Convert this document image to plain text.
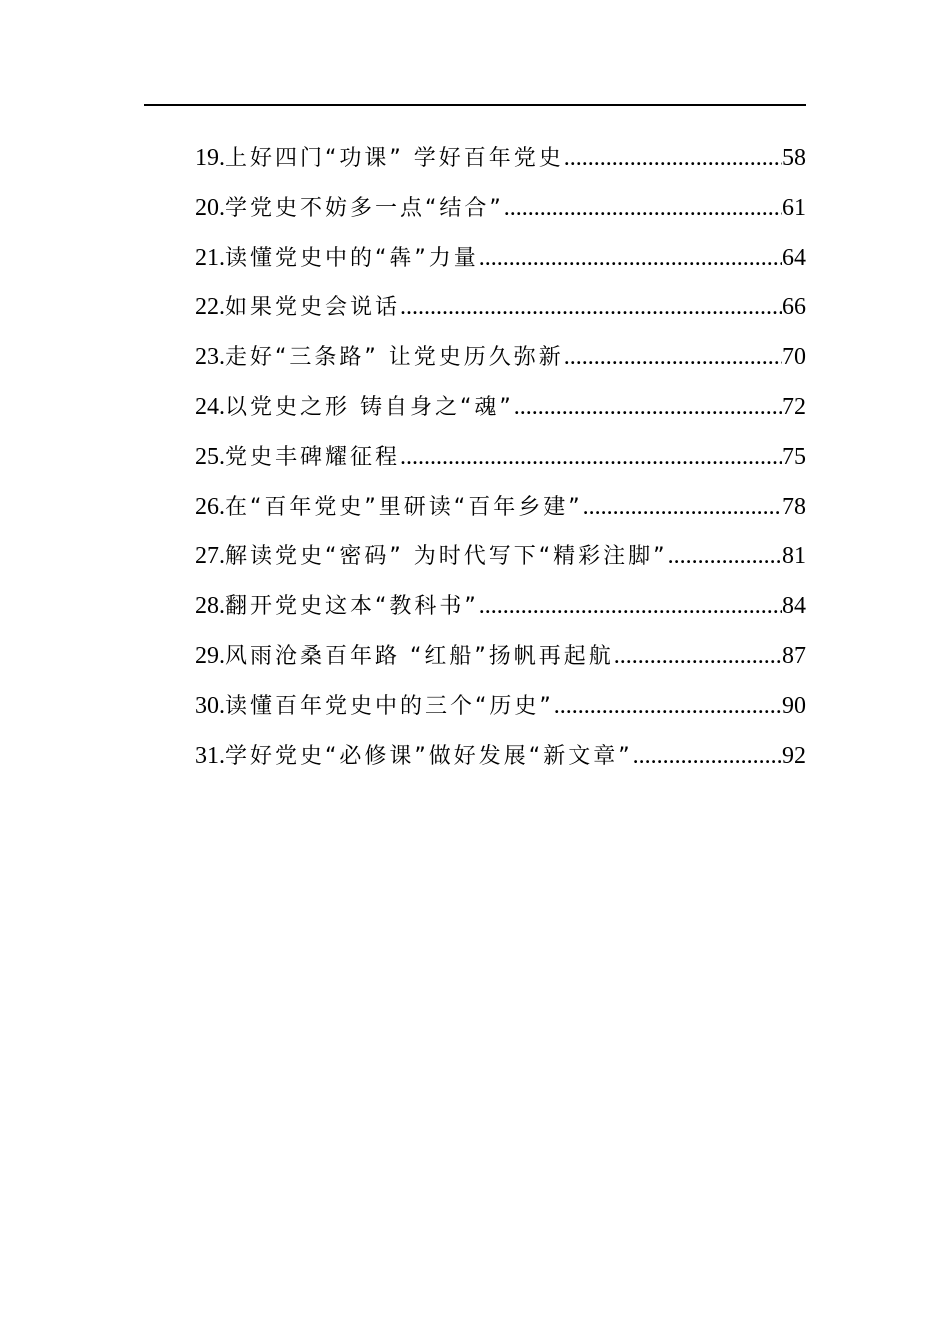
19. 上好四门“功课” 学好百年党史 .....	58
20. 学党史不妨多一点“结合” .....	61
21. 读懂党史中的“犇”力量 .....	64
22. 如果党史会说话 .....	66
23. 走好“三条路” 让党史历久弥新 .....	70
24. 以党史之形 铸自身之“魂” .....	72
25. 党史丰碑耀征程 .....	75
26. 在“百年党史”里研读“百年乡建” .....	78
27. 解读党史“密码” 为时代写下“精彩注脚” .....	81
28. 翻开党史这本“教科书” .....	84
29. 风雨沧桑百年路 “红船”扬帆再起航 .....	87
30. 读懂百年党史中的三个“历史” .....	90
31. 学好党史“必修课”做好发展“新文章” .....	92
